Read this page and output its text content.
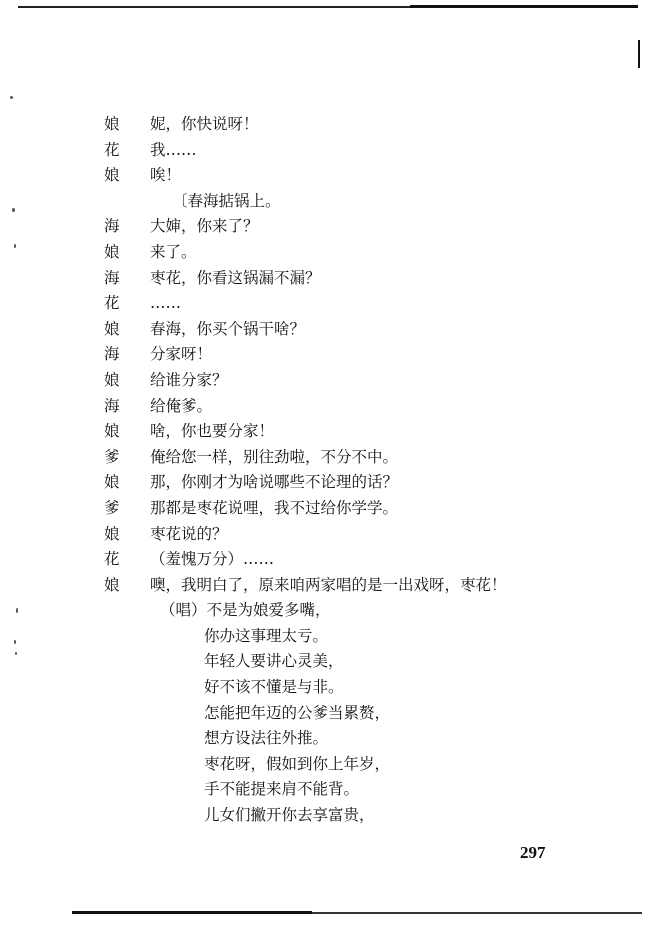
娘	妮，你快说呀！
花	我……
娘	唉！
〔春海掂锅上。
海	大婶，你来了？
娘	来了。
海	枣花，你看这锅漏不漏？
花	……
娘	春海，你买个锅干啥？
海	分家呀！
娘	给谁分家？
海	给俺爹。
娘	啥，你也要分家！
爹	俺给您一样，别往劲啦，不分不中。
娘	那，你刚才为啥说哪些不论理的话？
爹	那都是枣花说哩，我不过给你学学。
娘	枣花说的？
花	（羞愧万分）……
娘	噢，我明白了，原来咱两家唱的是一出戏呀，枣花！
（唱）不是为娘爱多嘴，
你办这事理太亏。
年轻人要讲心灵美，
好不该不懂是与非。
怎能把年迈的公爹当累赘，
想方设法往外推。
枣花呀，假如到你上年岁，
手不能提来肩不能背。
儿女们撇开你去享富贵，
297
